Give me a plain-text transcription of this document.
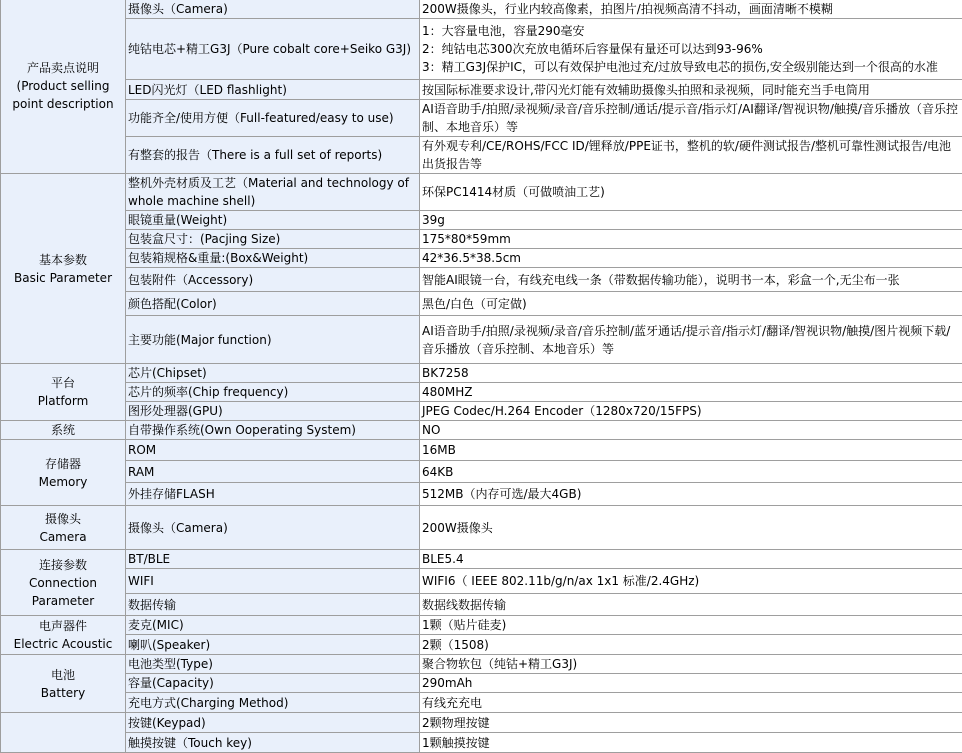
产品卖点说明
(Product selling
point description	摄像头（Camera)	200W摄像头，行业内较高像素，拍图片/拍视频高清不抖动，画面清晰不模糊

	纯钴电芯+精工G3J（Pure cobalt core+Seiko G3J)	1：大容量电池，容量290毫安
2：纯钴电芯300次充放电循环后容量保有量还可以达到93-96%
3：精工G3J保护IC，可以有效保护电池过充/过放导致电芯的损伤,安全级别能达到一个很高的水准

	LED闪光灯（LED flashlight)	按国际标准要求设计,带闪光灯能有效辅助摄像头拍照和录视频，同时能充当手电筒用

	功能齐全/使用方便（Full-featured/easy to use)	AI语音助手/拍照/录视频/录音/音乐控制/通话/提示音/指示灯/AI翻译/智视识物/触摸/音乐播放（音乐控制、本地音乐）等

	有整套的报告（There is a full set of reports)	有外观专利/CE/ROHS/FCC ID/锂释放/PPE证书，整机的软/硬件测试报告/整机可靠性测试报告/电池出货报告等

基本参数
Basic Parameter	整机外壳材质及工艺（Material and technology of whole machine shell)	环保PC1414材质（可做喷油工艺)

	眼镜重量(Weight)	39g

	包装盒尺寸：(Pacjing Size)	175*80*59mm

	包装箱规格&重量:(Box&Weight)	42*36.5*38.5cm

	包装附件（Accessory)	智能AI眼镜一台，有线充电线一条（带数据传输功能），说明书一本，彩盒一个,无尘布一张

	颜色搭配(Color)	黑色/白色（可定做)

	主要功能(Major function)	AI语音助手/拍照/录视频/录音/音乐控制/蓝牙通话/提示音/指示灯/翻译/智视识物/触摸/图片视频下载/音乐播放（音乐控制、本地音乐）等

平台
Platform	芯片(Chipset)	BK7258

	芯片的频率(Chip frequency)	480MHZ

	图形处理器(GPU)	JPEG Codec/H.264 Encoder（1280x720/15FPS)

系统	自带操作系统(Own Ooperating System)	NO

存储器
Memory	ROM	16MB

	RAM	64KB

	外挂存储FLASH	512MB（内存可选/最大4GB)

摄像头
Camera	摄像头（Camera)	200W摄像头

连接参数
Connection
Parameter	BT/BLE	BLE5.4

	WIFI	WIFI6（ IEEE 802.11b/g/n/ax 1x1 标准/2.4GHz)

	数据传输	数据线数据传输

电声器件
Electric Acoustic	麦克(MIC)	1颗（贴片硅麦)

	喇叭(Speaker)	2颗（1508)

电池
Battery	电池类型(Type)	聚合物软包（纯钴+精工G3J)

	容量(Capacity)	290mAh

	充电方式(Charging Method)	有线充充电

	按键(Keypad)	2颗物理按键

	触摸按键（Touch key)	1颗触摸按键
